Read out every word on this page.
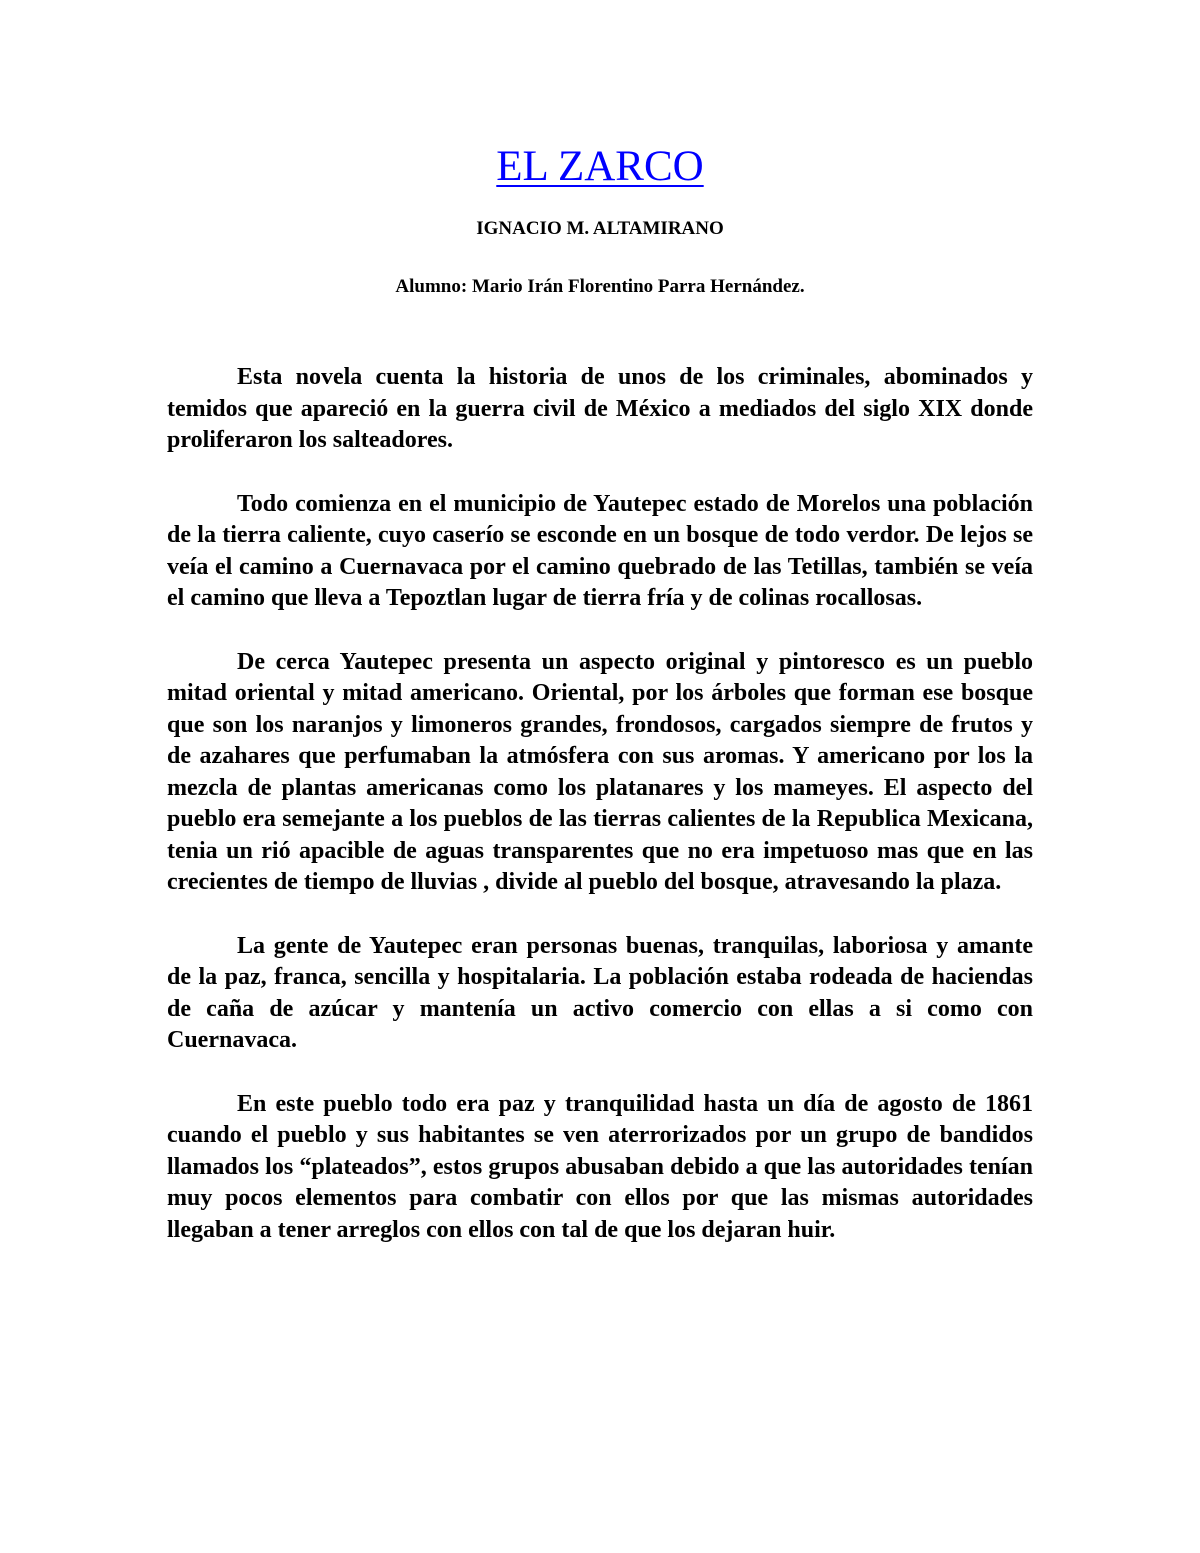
EL ZARCO
IGNACIO M. ALTAMIRANO
Alumno: Mario Irán Florentino Parra Hernández.

Esta novela cuenta la historia de unos de los criminales, abominados y temidos que apareció en la guerra civil de México a mediados del siglo XIX donde proliferaron los salteadores.

Todo comienza en el municipio de Yautepec estado de Morelos una población de la tierra caliente, cuyo caserío se esconde en un bosque de todo verdor. De lejos se veía el camino a Cuernavaca por el camino quebrado de las Tetillas, también se veía el camino que lleva a Tepoztlan lugar de tierra fría y de colinas rocallosas.

De cerca Yautepec presenta un aspecto original y pintoresco es un pueblo mitad oriental y mitad americano. Oriental, por los árboles que forman ese bosque que son los naranjos y limoneros grandes, frondosos, cargados siempre de frutos y de azahares que perfumaban la atmósfera con sus aromas. Y americano por los la mezcla de plantas americanas como los platanares y los mameyes. El aspecto del pueblo era semejante a los pueblos de las tierras calientes de la Republica Mexicana, tenia un rió apacible de aguas transparentes que no era impetuoso mas que en las crecientes de tiempo de lluvias , divide al pueblo del bosque, atravesando la plaza.

La gente de Yautepec eran personas buenas, tranquilas, laboriosa y amante de la paz, franca, sencilla y hospitalaria. La población estaba rodeada de haciendas de caña de azúcar y mantenía un activo comercio con ellas a si como con Cuernavaca.

En este pueblo todo era paz y tranquilidad hasta un día de agosto de 1861 cuando el pueblo y sus habitantes se ven aterrorizados por un grupo de bandidos llamados los “plateados”, estos grupos abusaban debido a que las autoridades tenían muy pocos elementos para combatir con ellos por que las mismas autoridades llegaban a tener arreglos con ellos con tal de que los dejaran huir.
